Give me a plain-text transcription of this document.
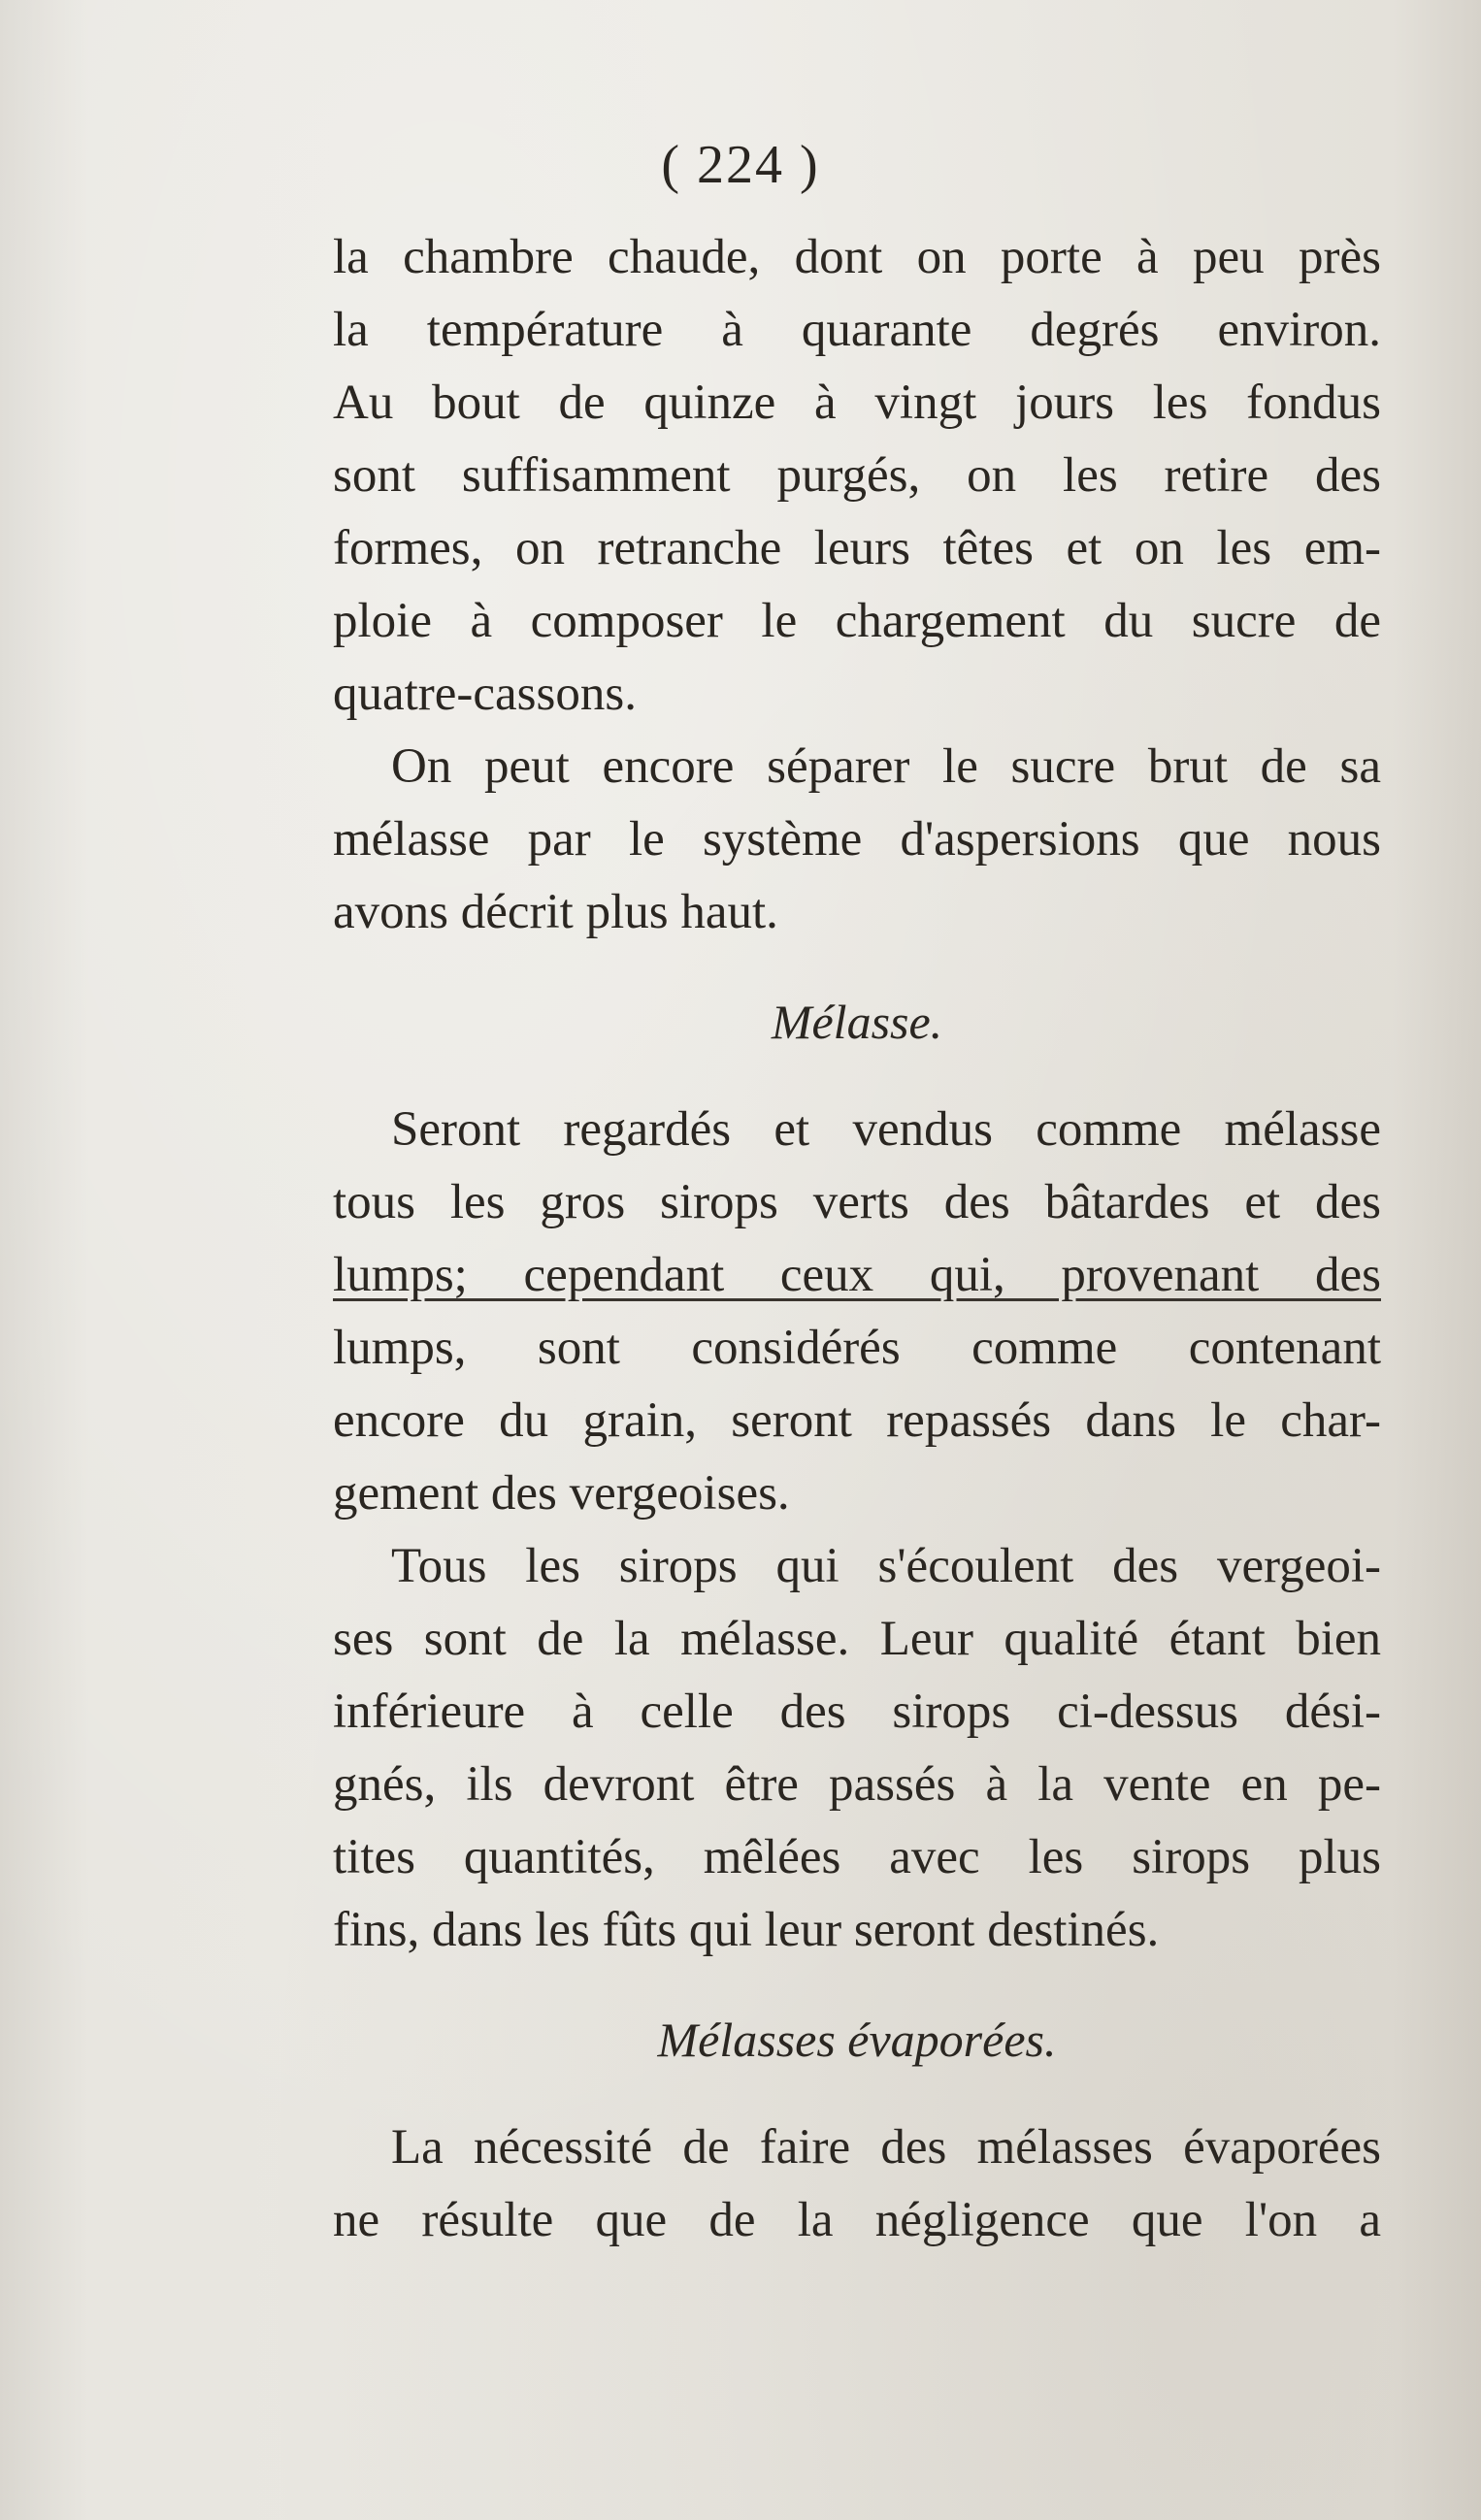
( 224 )
la chambre chaude, dont on porte à peu près
la température à quarante degrés environ.
Au bout de quinze à vingt jours les fondus
sont suffisamment purgés, on les retire des
formes, on retranche leurs têtes et on les em-
ploie à composer le chargement du sucre de
quatre-cassons.
On peut encore séparer le sucre brut de sa
mélasse par le système d'aspersions que nous
avons décrit plus haut.
Mélasse.
Seront regardés et vendus comme mélasse
tous les gros sirops verts des bâtardes et des
lumps; cependant ceux qui, provenant des
lumps, sont considérés comme contenant
encore du grain, seront repassés dans le char-
gement des vergeoises.
Tous les sirops qui s'écoulent des vergeoi-
ses sont de la mélasse. Leur qualité étant bien
inférieure à celle des sirops ci-dessus dési-
gnés, ils devront être passés à la vente en pe-
tites quantités, mêlées avec les sirops plus
fins, dans les fûts qui leur seront destinés.
Mélasses évaporées.
La nécessité de faire des mélasses évaporées
ne résulte que de la négligence que l'on a
